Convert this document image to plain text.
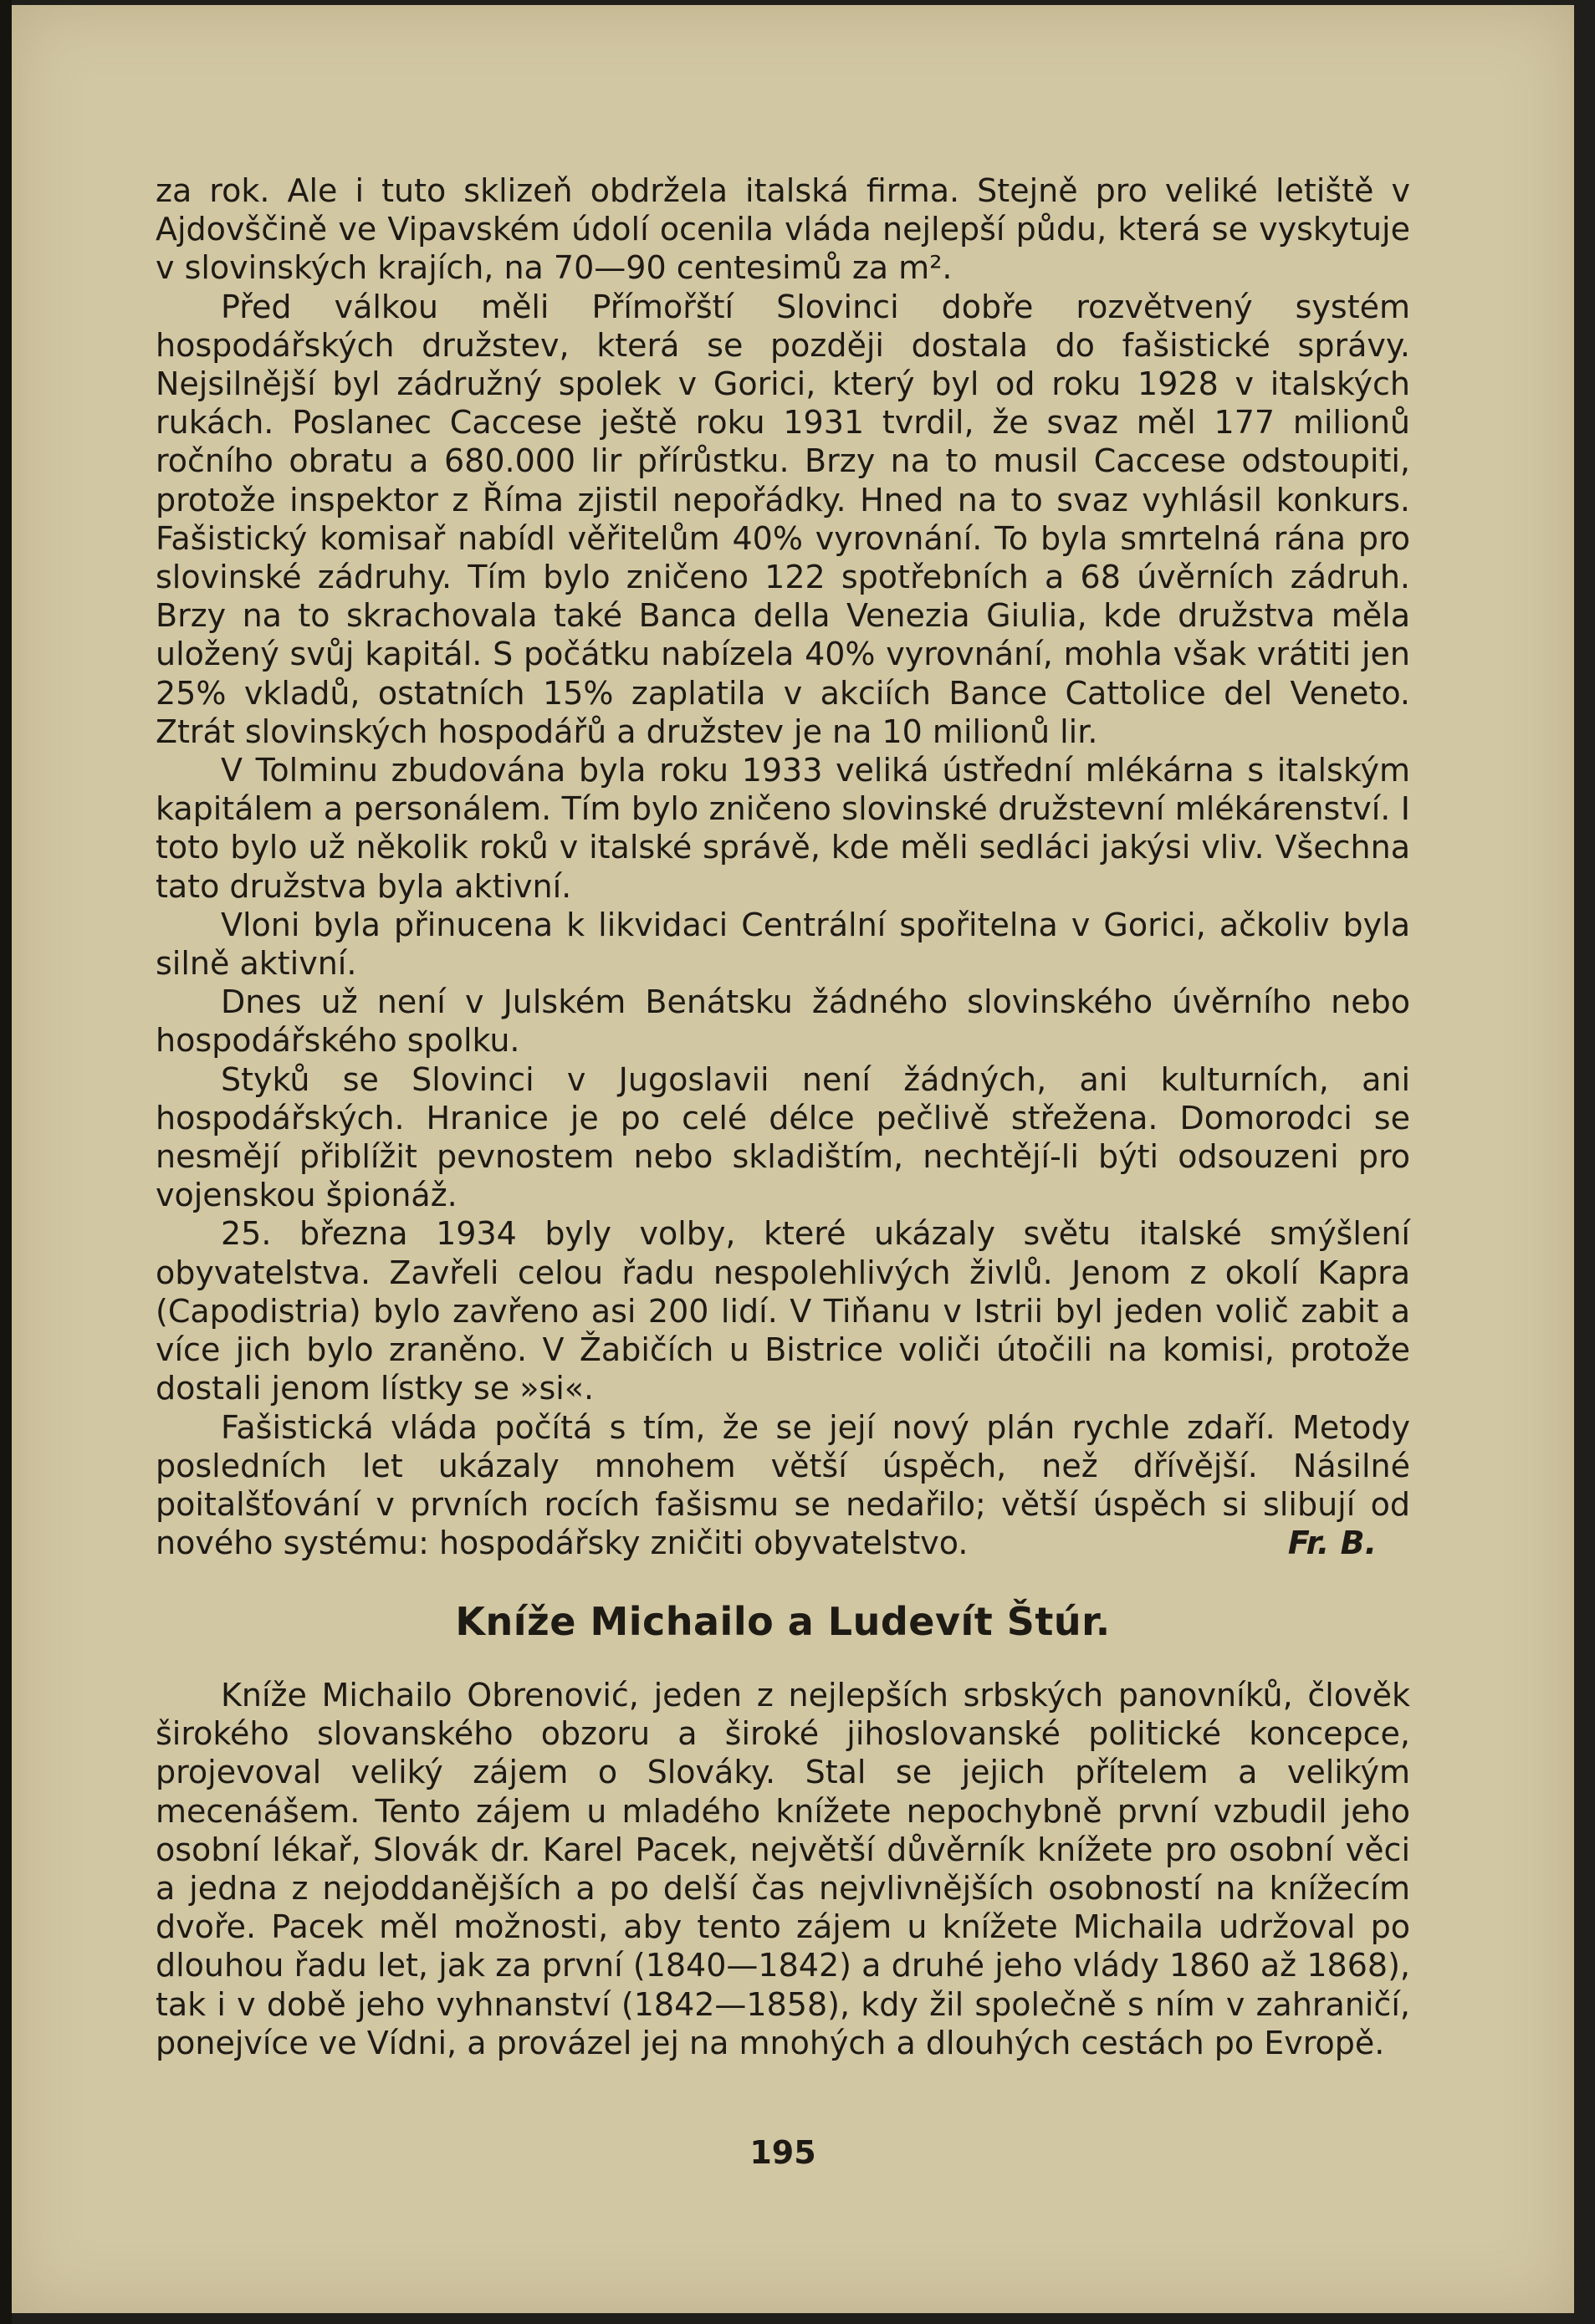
za rok. Ale i tuto sklizeň obdržela italská firma. Stejně pro veliké letiště v Ajdovščině ve Vipavském údolí ocenila vláda nejlepší půdu, která se vyskytuje v slovinských krajích, na 70—90 centesimů za m².

Před válkou měli Přímořští Slovinci dobře rozvětvený systém hospodářských družstev, která se později dostala do fašistické správy. Nejsilnější byl zádružný spolek v Gorici, který byl od roku 1928 v italských rukách. Poslanec Caccese ještě roku 1931 tvrdil, že svaz měl 177 milionů ročního obratu a 680.000 lir přírůstku. Brzy na to musil Caccese odstoupiti, protože inspektor z Říma zjistil nepořádky. Hned na to svaz vyhlásil konkurs. Fašistický komisař nabídl věřitelům 40% vyrovnání. To byla smrtelná rána pro slovinské zádruhy. Tím bylo zničeno 122 spotřebních a 68 úvěrních zádruh. Brzy na to skrachovala také Banca della Venezia Giulia, kde družstva měla uložený svůj kapitál. S počátku nabízela 40% vyrovnání, mohla však vrátiti jen 25% vkladů, ostatních 15% zaplatila v akciích Bance Cattolice del Veneto. Ztrát slovinských hospodářů a družstev je na 10 milionů lir.

V Tolminu zbudována byla roku 1933 veliká ústřední mlékárna s italským kapitálem a personálem. Tím bylo zničeno slovinské družstevní mlékárenství. I toto bylo už několik roků v italské správě, kde měli sedláci jakýsi vliv. Všechna tato družstva byla aktivní.

Vloni byla přinucena k likvidaci Centrální spořitelna v Gorici, ačkoliv byla silně aktivní.

Dnes už není v Julském Benátsku žádného slovinského úvěrního nebo hospodářského spolku.

Styků se Slovinci v Jugoslavii není žádných, ani kulturních, ani hospodářských. Hranice je po celé délce pečlivě střežena. Domorodci se nesmějí přiblížit pevnostem nebo skladištím, nechtějí-li býti odsouzeni pro vojenskou špionáž.

25. března 1934 byly volby, které ukázaly světu italské smýšlení obyvatelstva. Zavřeli celou řadu nespolehlivých živlů. Jenom z okolí Kapra (Capodistria) bylo zavřeno asi 200 lidí. V Tiňanu v Istrii byl jeden volič zabit a více jich bylo zraněno. V Žabičích u Bistrice voliči útočili na komisi, protože dostali jenom lístky se »si«.

Fašistická vláda počítá s tím, že se její nový plán rychle zdaří. Metody posledních let ukázaly mnohem větší úspěch, než dřívější. Násilné poitalšťování v prvních rocích fašismu se nedařilo; větší úspěch si slibují od nového systému: hospodářsky zničiti obyvatelstvo.	Fr. B.

Kníže Michailo a Ludevít Štúr.

Kníže Michailo Obrenović, jeden z nejlepších srbských panovníků, člověk širokého slovanského obzoru a široké jihoslovanské politické koncepce, projevoval veliký zájem o Slováky. Stal se jejich přítelem a velikým mecenášem. Tento zájem u mladého knížete nepochybně první vzbudil jeho osobní lékař, Slovák dr. Karel Pacek, největší důvěrník knížete pro osobní věci a jedna z nejoddanějších a po delší čas nejvlivnějších osobností na knížecím dvoře. Pacek měl možnosti, aby tento zájem u knížete Michaila udržoval po dlouhou řadu let, jak za první (1840—1842) a druhé jeho vlády 1860 až 1868), tak i v době jeho vyhnanství (1842—1858), kdy žil společně s ním v zahraničí, ponejvíce ve Vídni, a provázel jej na mnohých a dlouhých cestách po Evropě.

195
